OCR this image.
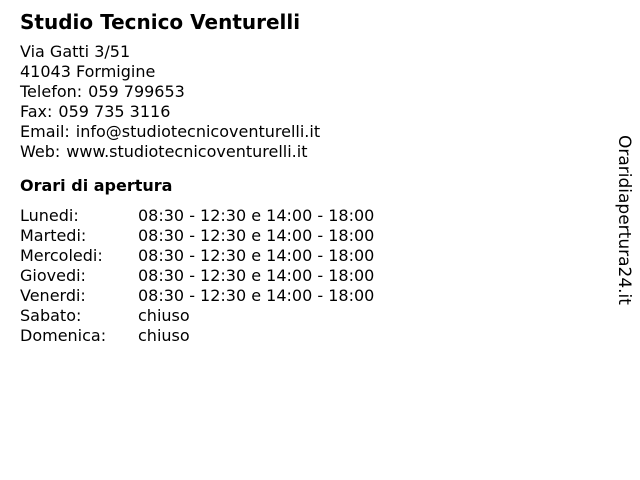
Studio Tecnico Venturelli
Via Gatti 3/51
41043 Formigine
Telefon: 059 799653
Fax: 059 735 3116
Email: info@studiotecnicoventurelli.it
Web: www.studiotecnicoventurelli.it
Orari di apertura
Lunedi:	08:30 - 12:30 e 14:00 - 18:00
Martedi:	08:30 - 12:30 e 14:00 - 18:00
Mercoledi:	08:30 - 12:30 e 14:00 - 18:00
Giovedi:	08:30 - 12:30 e 14:00 - 18:00
Venerdi:	08:30 - 12:30 e 14:00 - 18:00
Sabato:	chiuso
Domenica:	chiuso
Oraridiapertura24.it
